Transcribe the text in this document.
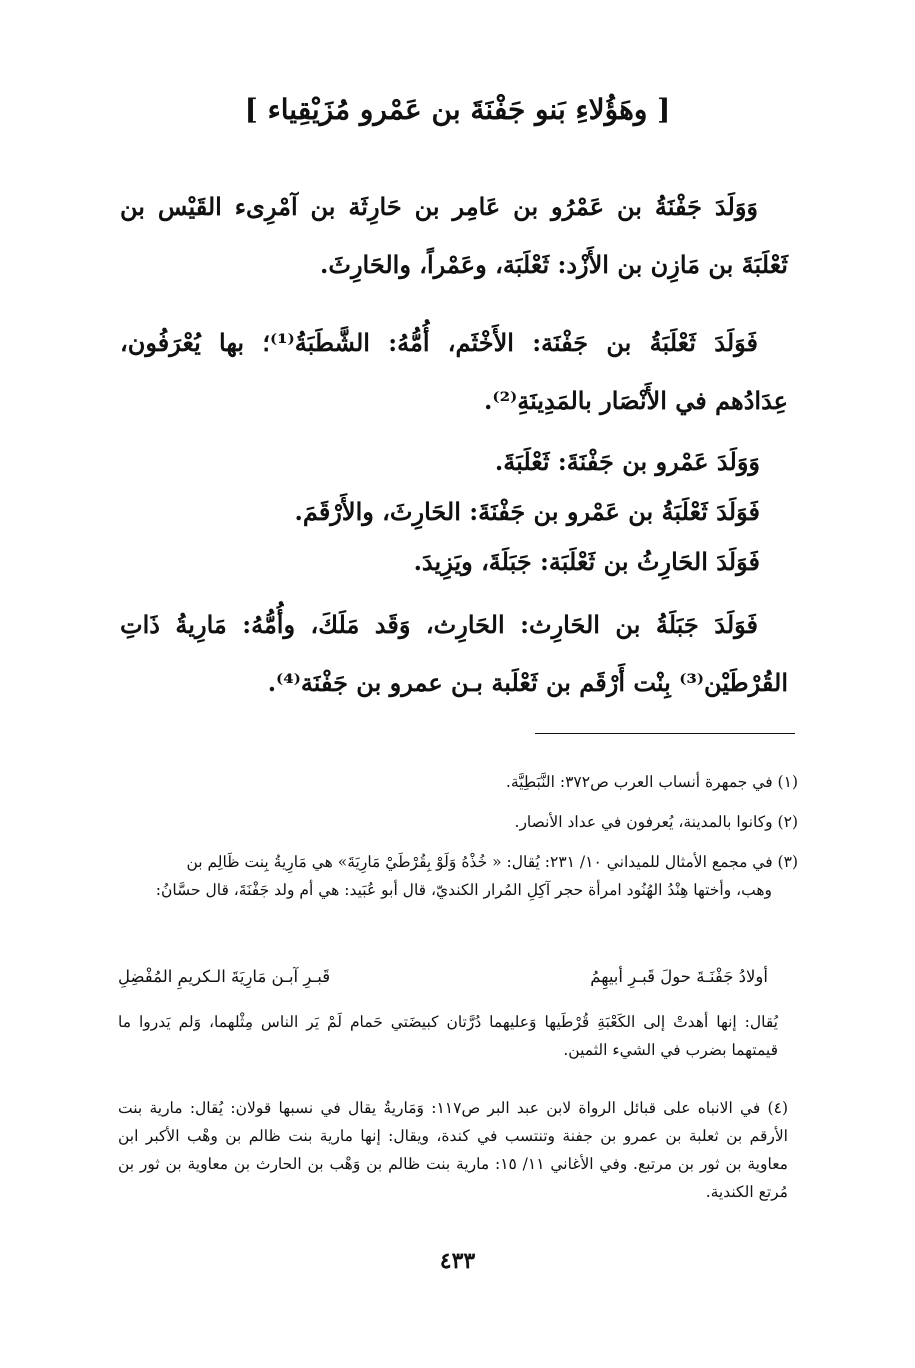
[ وهَؤُلاءِ بَنو جَفْنَةَ بن عَمْرو مُزَيْقِياء ]
وَوَلَدَ جَفْنَةُ بن عَمْرُو بن عَامِر بن حَارِثَة بن آمْرِىء القَيْس بن ثَعْلَبَةَ بن مَازِن بن الأَزْد: ثَعْلَبَة، وعَمْراً، والحَارِثَ.
فَوَلَدَ ثَعْلَبَةُ بن جَفْنَة: الأَخْثَم، أُمُّهُ: الشَّطَبَةُ⁽¹⁾؛ بها يُعْرَفُون، عِدَادُهم في الأَنْصَار بالمَدِينَةِ⁽²⁾.
وَوَلَدَ عَمْرو بن جَفْنَةَ: ثَعْلَبَةَ.
فَوَلَدَ ثَعْلَبَةُ بن عَمْرو بن جَفْنَةَ: الحَارِثَ، والأَرْقَمَ.
فَوَلَدَ الحَارِثُ بن ثَعْلَبَة: جَبَلَةَ، ويَزِيدَ.
فَوَلَدَ جَبَلَةُ بن الحَارِث: الحَارِث، وَقَد مَلَكَ، وأُمُّهُ: مَارِيةُ ذَاتِ القُرْطَيْن⁽³⁾ بِنْت أَرْقَم بن ثَعْلَبة بـن عمرو بن جَفْنَة⁽⁴⁾.
(١) في جمهرة أنساب العرب ص٣٧٢: النَّبَطِيَّة.
(٢) وكانوا بالمدينة، يُعرفون في عداد الأنصار.
(٣) في مجمع الأمثال للميداني ١٠/ ٢٣١: يُقال: « خُذْهُ وَلَوْ بِقُرْطَيْ مَارِيَةَ» هي مَارِيةُ بِنت ظَالِم بن
وهب، وأختها هِنْدُ الهُنُود امرأة حجر آكِلِ المُرار الكنديّ، قال أبو عُبَيد: هي أم ولد جَفْنَةَ، قال حسَّانُ:
أولادُ جَفْنَـةَ حولَ قَبـرِ أبيهِمُ
قَبـرِ آبـن مَارِيَةَ الـكريمِ المُفْضِلِ
يُقال: إنها أهدتْ إلى الكَعْبَةِ قُرْطَيها وَعليهما دُرَّتان كبيضَتي حَمام لَمْ يَر الناس مِثْلهما، وَلم يَدروا ما قيمتهما بضرب في الشيء الثمين.
(٤) في الانباه على قبائل الرواة لابن عبد البر ص١١٧: وَمَاريةُ يقال في نسبها قولان: يُقال: مارية بنت الأرقم بن ثعلبة بن عمرو بن جفنة وتنتسب في كندة، ويقال: إنها مارية بنت ظالم بن وهْب الأكبر ابن معاوية بن ثور بن مرتبع. وفي الأغاني ١١/ ١٥: مارية بنت ظالم بن وَهْب بن الحارث بن معاوية بن ثور بن مُرتع الكندية.
٤٣٣
